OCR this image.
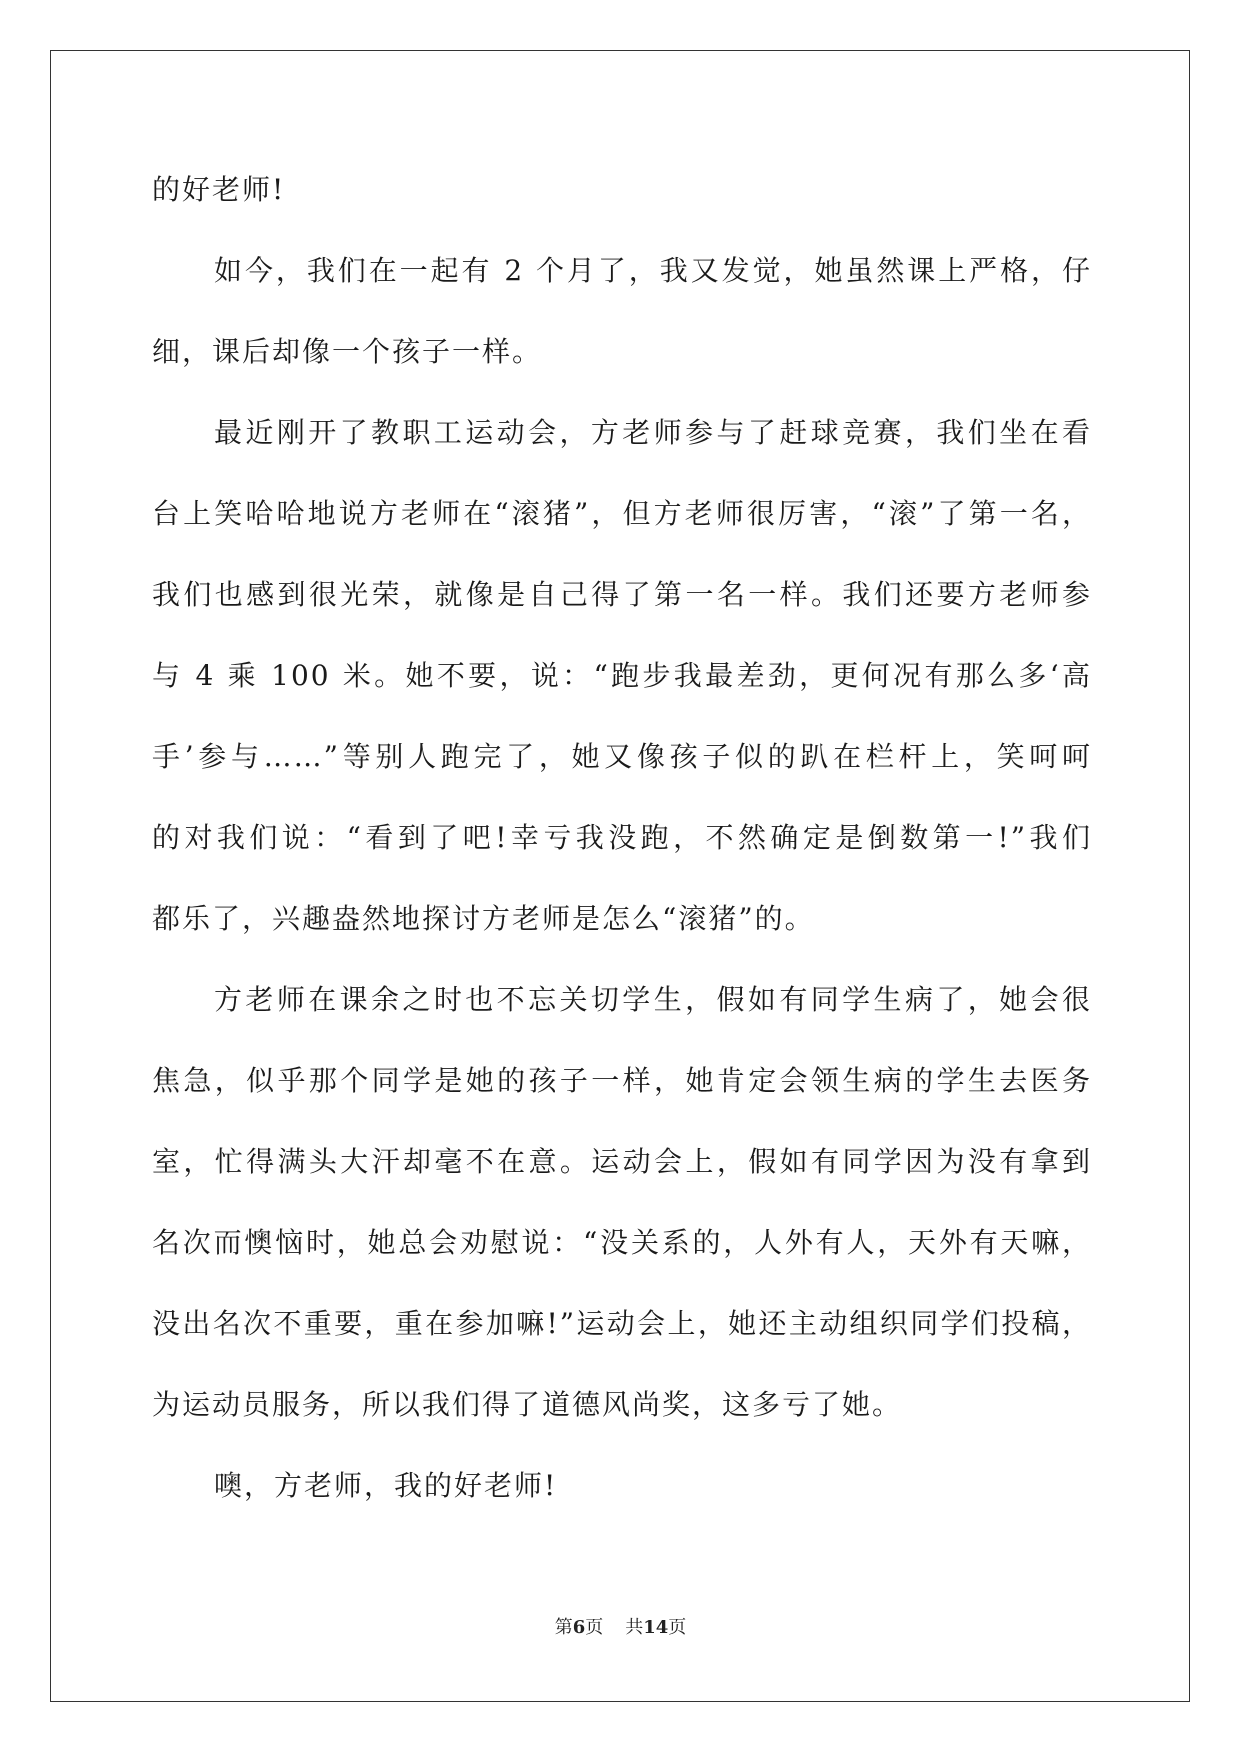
的好老师!
如今，我们在一起有 2 个月了，我又发觉，她虽然课上严格，仔
细，课后却像一个孩子一样。
最近刚开了教职工运动会，方老师参与了赶球竞赛，我们坐在看
台上笑哈哈地说方老师在“滚猪”，但方老师很厉害，“滚”了第一名，
我们也感到很光荣，就像是自己得了第一名一样。我们还要方老师参
与 4 乘 100 米。她不要，说：“跑步我最差劲，更何况有那么多‘高
手’参与……”等别人跑完了，她又像孩子似的趴在栏杆上，笑呵呵
的对我们说：“看到了吧!幸亏我没跑，不然确定是倒数第一!”我们
都乐了，兴趣盎然地探讨方老师是怎么“滚猪”的。
方老师在课余之时也不忘关切学生，假如有同学生病了，她会很
焦急，似乎那个同学是她的孩子一样，她肯定会领生病的学生去医务
室，忙得满头大汗却毫不在意。运动会上，假如有同学因为没有拿到
名次而懊恼时，她总会劝慰说：“没关系的，人外有人，天外有天嘛，
没出名次不重要，重在参加嘛!”运动会上，她还主动组织同学们投稿，
为运动员服务，所以我们得了道德风尚奖，这多亏了她。
噢，方老师，我的好老师!
第6页 共14页
